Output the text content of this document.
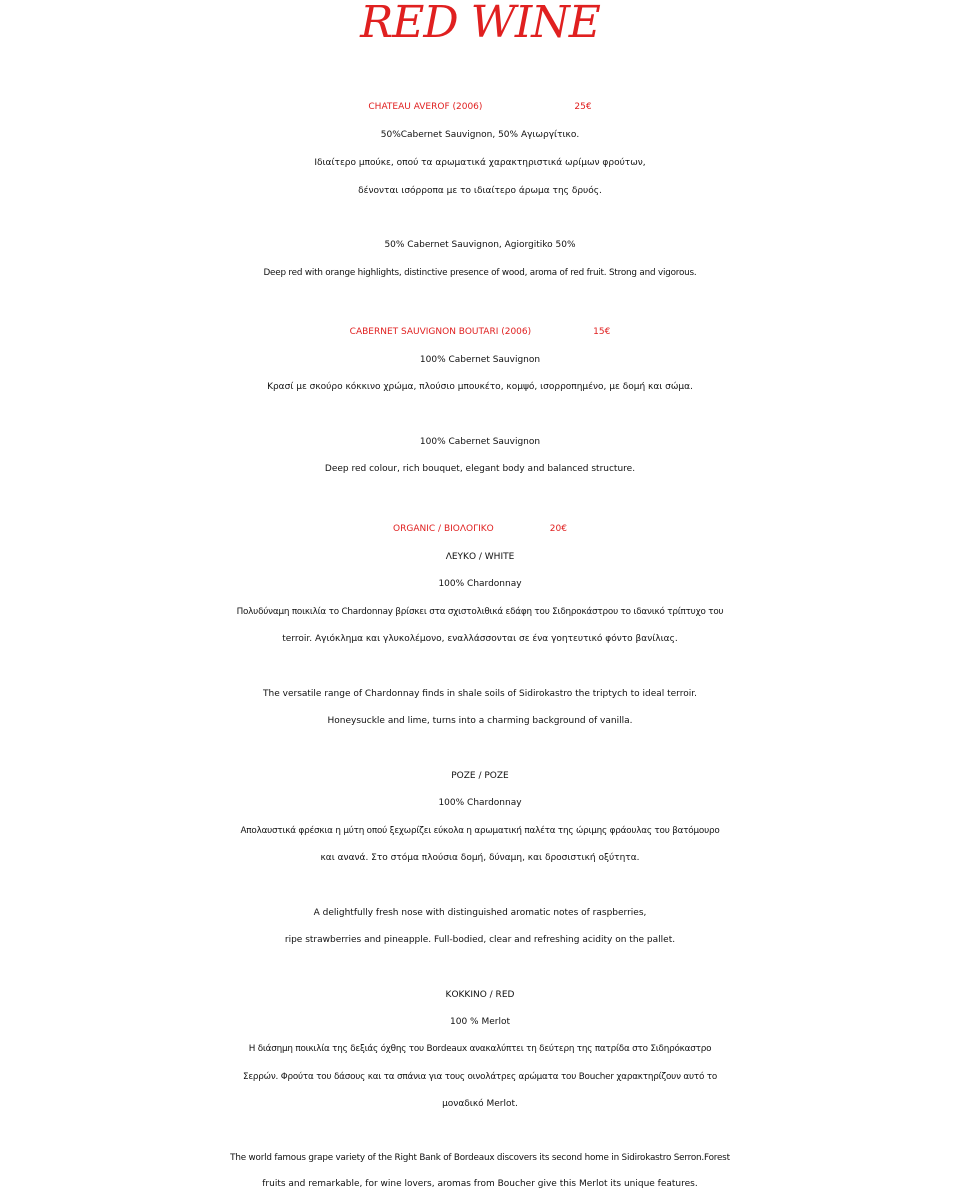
RED WINE
CHATEAU AVEROF (2006)	25€
50%Cabernet Sauvignon, 50% Αγιωργίτικο.
Ιδιαίτερο μπούκε, οπού τα αρωματικά χαρακτηριστικά ωρίμων φρούτων,
δένονται ισόρροπα με το ιδιαίτερο άρωμα της δρυός.
50% Cabernet Sauvignon, Agiorgitiko 50%
Deep red with orange highlights, distinctive presence of wood, aroma of red fruit. Strong and vigorous.
CABERNET SAUVIGNON BOUTARI (2006)	15€
100% Cabernet Sauvignon
Κρασί με σκούρο κόκκινο χρώμα, πλούσιο μπουκέτο, κομψό, ισορροπημένο, με δομή και σώμα.
100% Cabernet Sauvignon
Deep red colour, rich bouquet, elegant body and balanced structure.
ORGANIC / ΒΙΟΛΟΓΙΚΟ	20€
ΛΕΥΚΟ / WHITE
100% Chardonnay
Πολυδύναμη ποικιλία το Chardonnay βρίσκει στα σχιστολιθικά εδάφη του Σιδηροκάστρου το ιδανικό τρίπτυχο του
terroir. Αγιόκλημα και γλυκολέμονο, εναλλάσσονται σε ένα γοητευτικό φόντο βανίλιας.
The versatile range of Chardonnay finds in shale soils of Sidirokastro the triptych to ideal terroir.
Honeysuckle and lime, turns into a charming background of vanilla.
ΡΟΖΕ / ΡΟΖΕ
100% Chardonnay
Απολαυστικά φρέσκια η μύτη οπού ξεχωρίζει εύκολα η αρωματική παλέτα της ώριμης φράουλας του βατόμουρο
και ανανά. Στο στόμα πλούσια δομή, δύναμη, και δροσιστική οξύτητα.
A delightfully fresh nose with distinguished aromatic notes of raspberries,
ripe strawberries and pineapple. Full-bodied, clear and refreshing acidity on the pallet.
ΚΟΚΚΙΝΟ / RED
100 % Merlot
Η διάσημη ποικιλία της δεξιάς όχθης του Bordeaux ανακαλύπτει τη δεύτερη της πατρίδα στο Σιδηρόκαστρο
Σερρών. Φρούτα του δάσους και τα σπάνια για τους οινολάτρες αρώματα του Boucher χαρακτηρίζουν αυτό το
μοναδικό Merlot.
The world famous grape variety of the Right Bank of Bordeaux discovers its second home in Sidirokastro Serron.Forest
fruits and remarkable, for wine lovers, aromas from Boucher give this Merlot its unique features.
